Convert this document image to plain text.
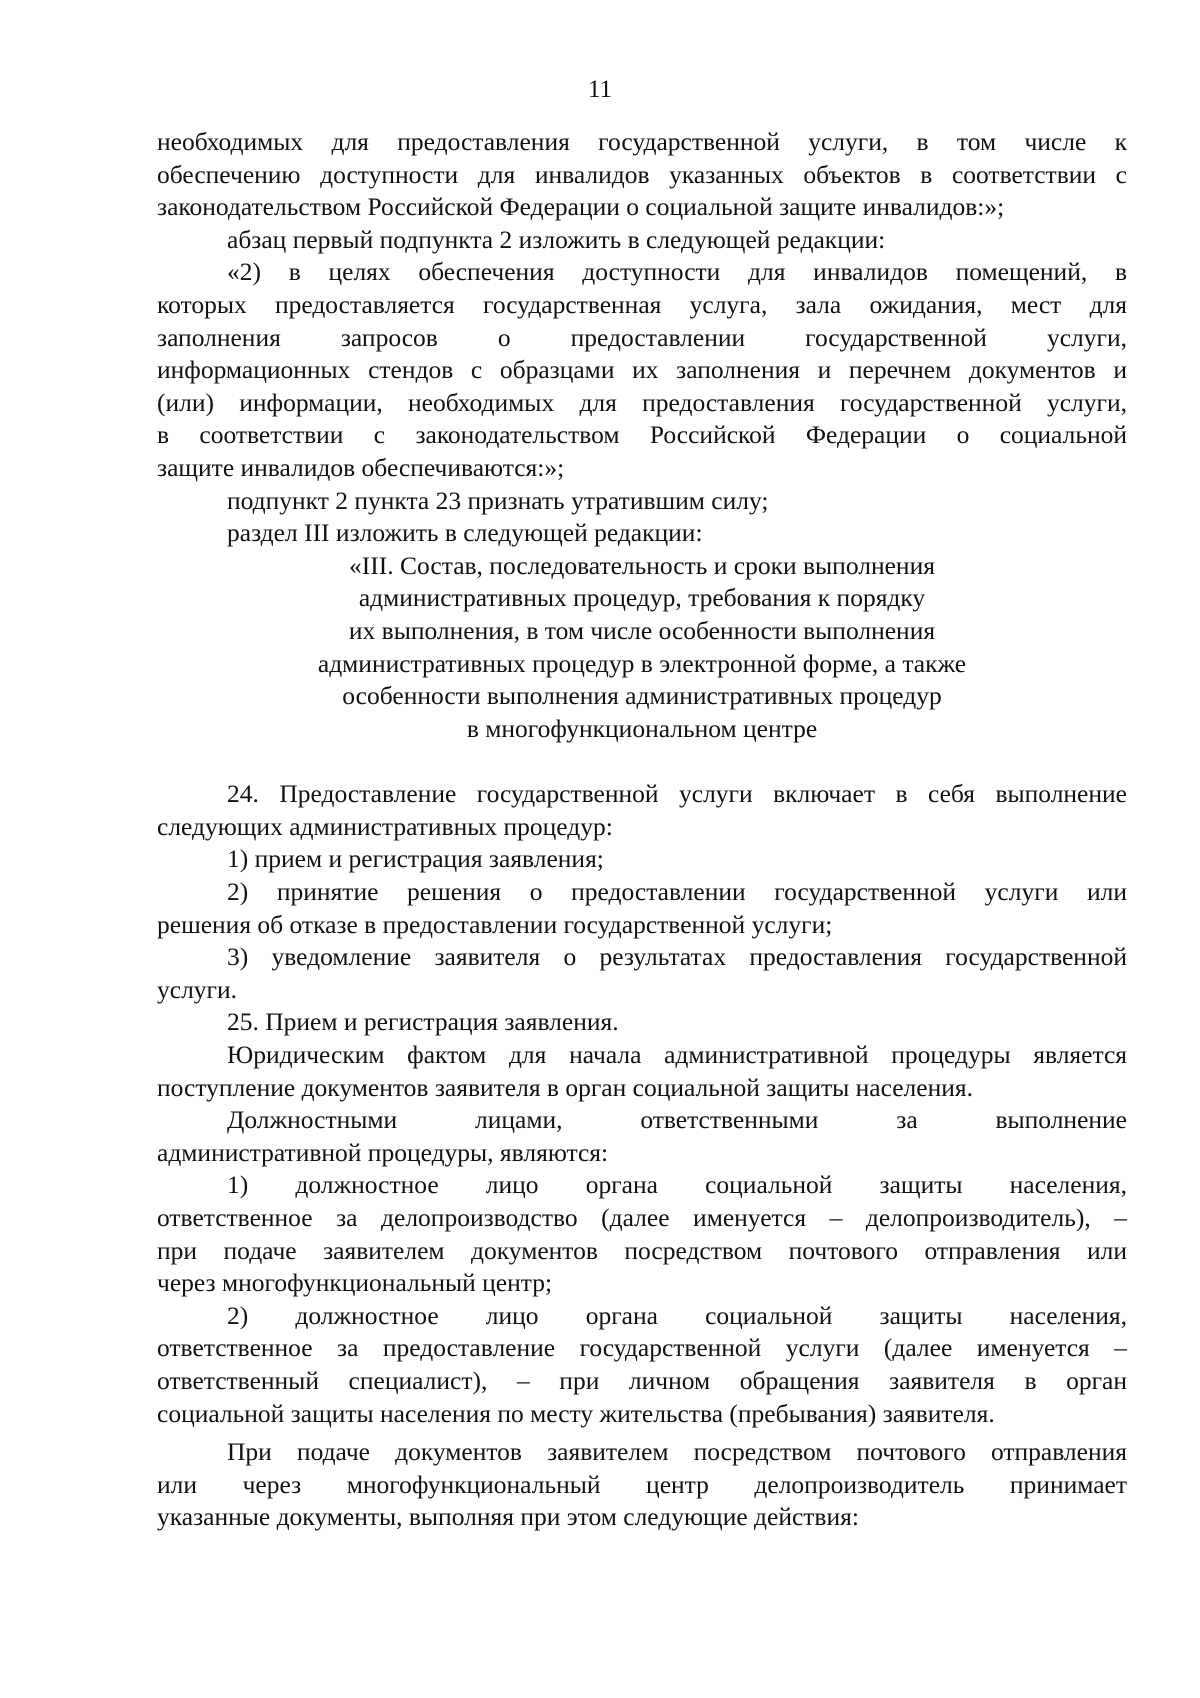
11

необходимых для предоставления государственной услуги, в том числе к

обеспечению доступности для инвалидов указанных объектов в соответствии с

законодательством Российской Федерации о социальной защите инвалидов:»;

абзац первый подпункта 2 изложить в следующей редакции:

«2) в целях обеспечения доступности для инвалидов помещений, в

которых предоставляется государственная услуга, зала ожидания, мест для

заполнения запросов о предоставлении государственной услуги,

информационных стендов с образцами их заполнения и перечнем документов и

(или) информации, необходимых для предоставления государственной услуги,

в соответствии с законодательством Российской Федерации о социальной

защите инвалидов обеспечиваются:»;

подпункт 2 пункта 23 признать утратившим силу;

раздел III изложить в следующей редакции:

«III. Состав, последовательность и сроки выполнения
административных процедур, требования к порядку
их выполнения, в том числе особенности выполнения
административных процедур в электронной форме, а также
особенности выполнения административных процедур
в многофункциональном центре

24. Предоставление государственной услуги включает в себя выполнение

следующих административных процедур:

1) прием и регистрация заявления;

2) принятие решения о предоставлении государственной услуги или

решения об отказе в предоставлении государственной услуги;

3) уведомление заявителя о результатах предоставления государственной

услуги.

25. Прием и регистрация заявления.

Юридическим фактом для начала административной процедуры является

поступление документов заявителя в орган социальной защиты населения.

Должностными лицами, ответственными за выполнение

административной процедуры, являются:

1) должностное лицо органа социальной защиты населения,

ответственное за делопроизводство (далее именуется – делопроизводитель), –

при подаче заявителем документов посредством почтового отправления или

через многофункциональный центр;

2) должностное лицо органа социальной защиты населения,

ответственное за предоставление государственной услуги (далее именуется –

ответственный специалист), – при личном обращения заявителя в орган

социальной защиты населения по месту жительства (пребывания) заявителя.

При подаче документов заявителем посредством почтового отправления

или через многофункциональный центр делопроизводитель принимает

указанные документы, выполняя при этом следующие действия:
